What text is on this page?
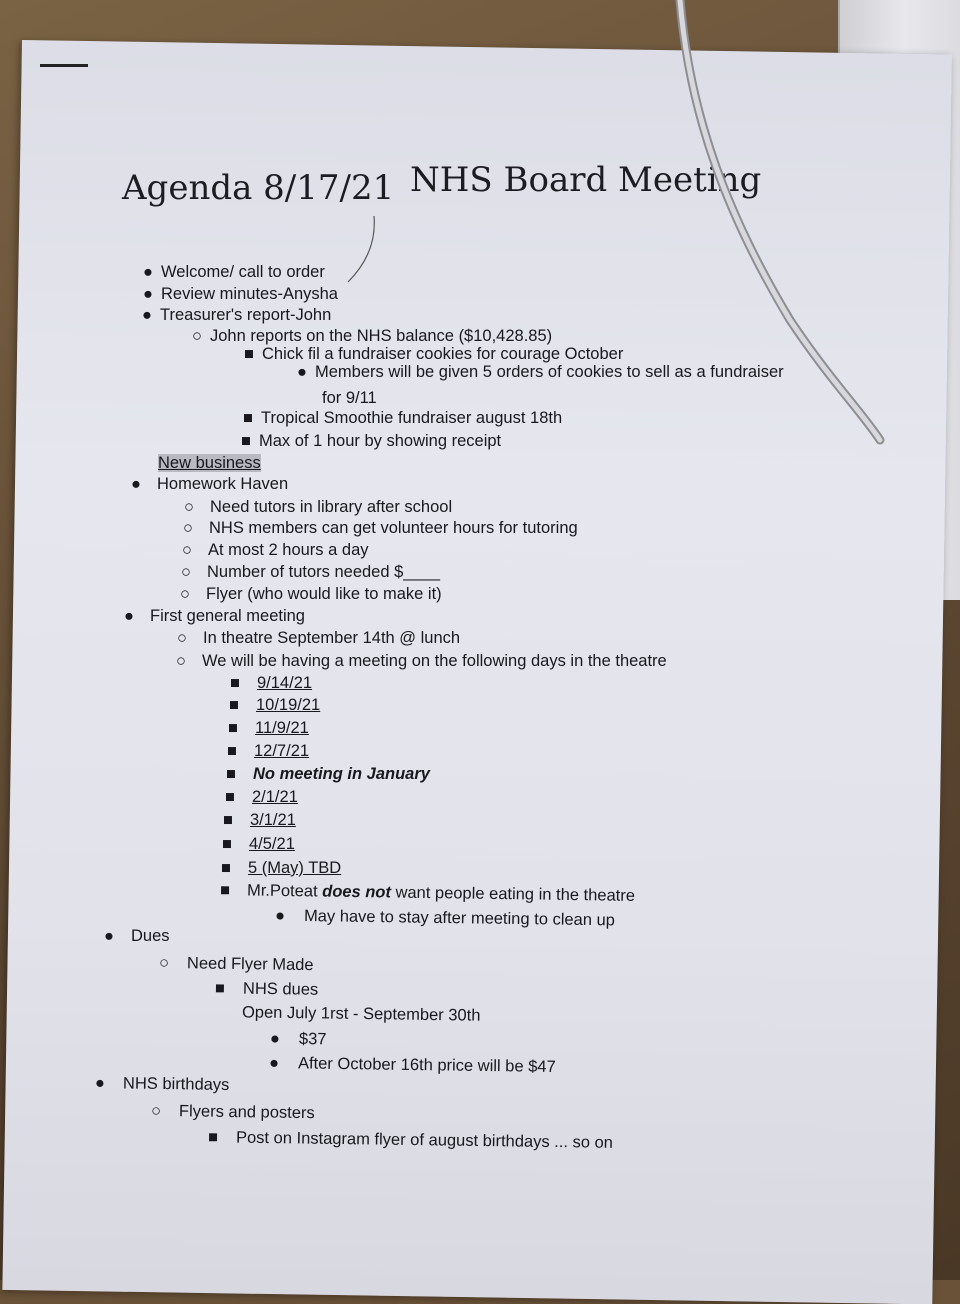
Agenda 8/17/21 NHS Board Meeting
● Welcome/ call to order
● Review minutes-Anysha
● Treasurer's report-John
○ John reports on the NHS balance ($10,428.85)
■ Chick fil a fundraiser cookies for courage October
● Members will be given 5 orders of cookies to sell as a fundraiser
for 9/11
■ Tropical Smoothie fundraiser august 18th
■ Max of 1 hour by showing receipt
New business
● Homework Haven
○ Need tutors in library after school
○ NHS members can get volunteer hours for tutoring
○ At most 2 hours a day
○ Number of tutors needed $____
○ Flyer (who would like to make it)
● First general meeting
○ In theatre September 14th @ lunch
○ We will be having a meeting on the following days in the theatre
■ 9/14/21
■ 10/19/21
■ 11/9/21
■ 12/7/21
■ No meeting in January
■ 2/1/21
■ 3/1/21
■ 4/5/21
■ 5 (May) TBD
■ Mr.Poteat does not want people eating in the theatre
● May have to stay after meeting to clean up
● Dues
○ Need Flyer Made
■ NHS dues
Open July 1rst - September 30th
● $37
● After October 16th price will be $47
● NHS birthdays
○ Flyers and posters
■ Post on Instagram flyer of august birthdays ... so on
